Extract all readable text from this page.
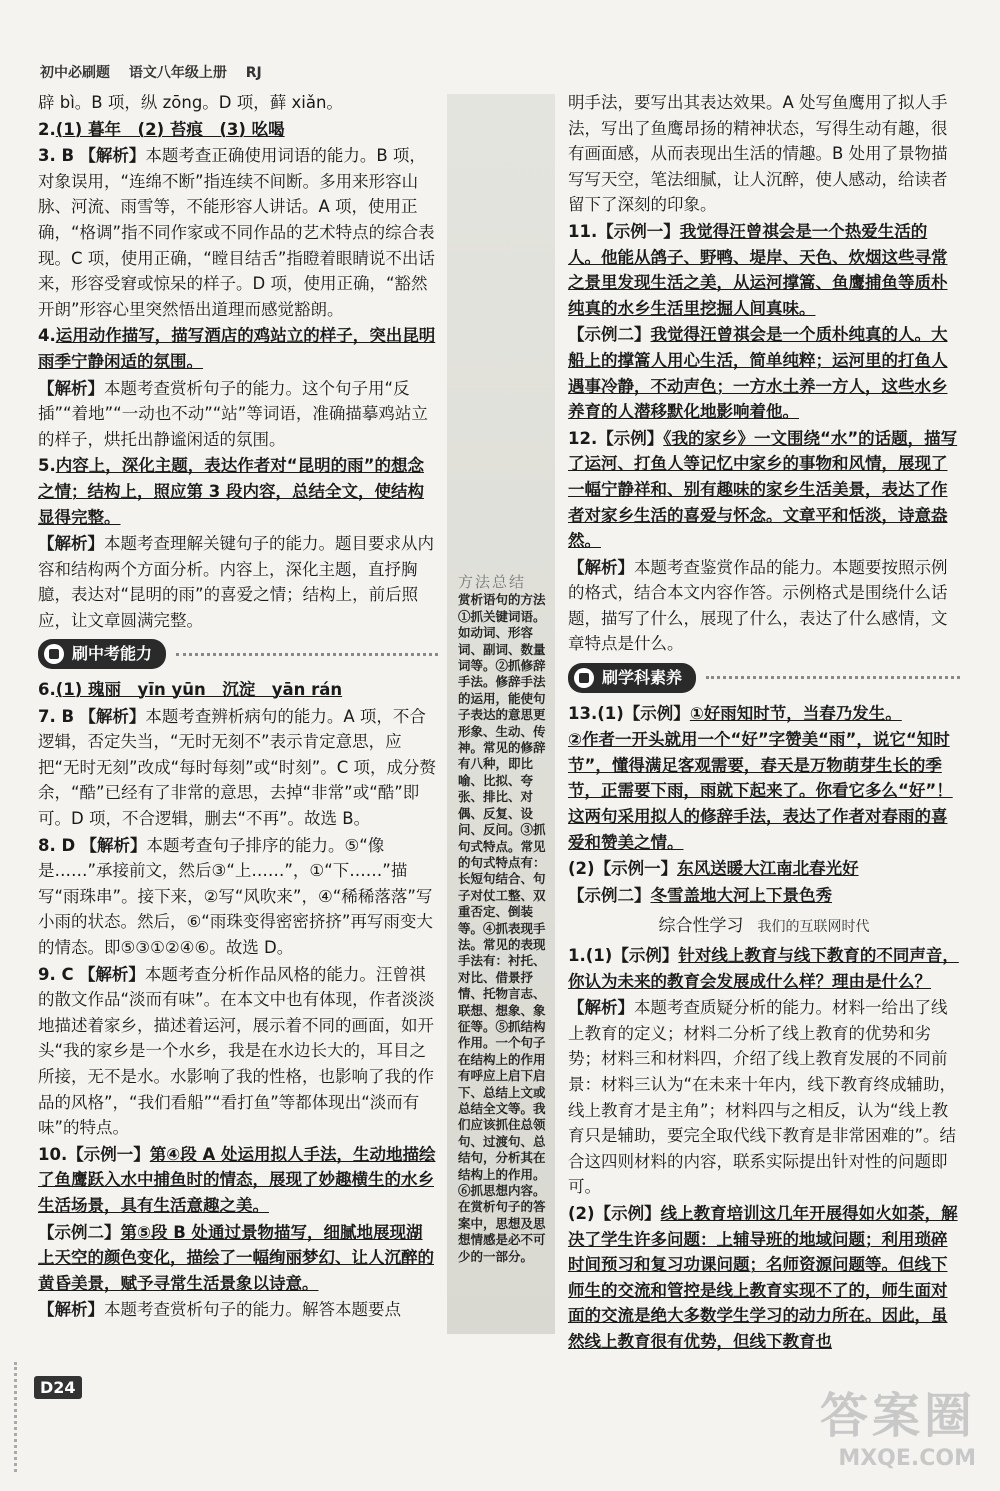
初中必刷题 语文八年级上册 RJ

辟 bì。B 项，纵 zōng。D 项，藓 xiǎn。

2.(1) 暮年　(2) 苔痕　(3) 吆喝

3. B 【解析】本题考查正确使用词语的能力。B 项，对象误用，“连绵不断”指连续不间断。多用来形容山脉、河流、雨雪等，不能形容人讲话。A 项，使用正确，“格调”指不同作家或不同作品的艺术特点的综合表现。C 项，使用正确，“瞠目结舌”指瞪着眼睛说不出话来，形容受窘或惊呆的样子。D 项，使用正确，“豁然开朗”形容心里突然悟出道理而感觉豁朗。

4.运用动作描写，描写酒店的鸡站立的样子，突出昆明雨季宁静闲适的氛围。

【解析】本题考查赏析句子的能力。这个句子用“反插”“着地”“一动也不动”“站”等词语，准确描摹鸡站立的样子，烘托出静谧闲适的氛围。

5.内容上，深化主题，表达作者对“昆明的雨”的想念之情；结构上，照应第 3 段内容，总结全文，使结构显得完整。

【解析】本题考查理解关键句子的能力。题目要求从内容和结构两个方面分析。内容上，深化主题，直抒胸臆，表达对“昆明的雨”的喜爱之情；结构上，前后照应，让文章圆满完整。

刷中考能力

6.(1) 瑰丽　yīn yūn　沉淀　yān rán

7. B 【解析】本题考查辨析病句的能力。A 项，不合逻辑，否定失当，“无时无刻不”表示肯定意思，应把“无时无刻”改成“每时每刻”或“时刻”。C 项，成分赘余，“酷”已经有了非常的意思，去掉“非常”或“酷”即可。D 项，不合逻辑，删去“不再”。故选 B。

8. D 【解析】本题考查句子排序的能力。⑤“像是……”承接前文，然后③“上……”，①“下……”描写“雨珠串”。接下来，②写“风吹来”，④“稀稀落落”写小雨的状态。然后，⑥“雨珠变得密密挤挤”再写雨变大的情态。即⑤③①②④⑥。故选 D。

9. C 【解析】本题考查分析作品风格的能力。汪曾祺的散文作品“淡而有味”。在本文中也有体现，作者淡淡地描述着家乡，描述着运河，展示着不同的画面，如开头“我的家乡是一个水乡，我是在水边长大的，耳目之所接，无不是水。水影响了我的性格，也影响了我的作品的风格”，“我们看船”“看打鱼”等都体现出“淡而有味”的特点。

10.【示例一】第④段 A 处运用拟人手法，生动地描绘了鱼鹰跃入水中捕鱼时的情态，展现了妙趣横生的水乡生活场景，具有生活意趣之美。

【示例二】第⑤段 B 处通过景物描写，细腻地展现湖上天空的颜色变化，描绘了一幅绚丽梦幻、让人沉醉的黄昏美景，赋予寻常生活景象以诗意。

【解析】本题考查赏析句子的能力。解答本题要点

方法总结
赏析语句的方法
①抓关键词语。如动词、形容词、副词、数量词等。②抓修辞手法。修辞手法的运用，能使句子表达的意思更形象、生动、传神。常见的修辞有八种，即比喻、比拟、夸张、排比、对偶、反复、设问、反问。③抓句式特点。常见的句式特点有：长短句结合、句子对仗工整、双重否定、倒装等。④抓表现手法。常见的表现手法有：衬托、对比、借景抒情、托物言志、联想、想象、象征等。⑤抓结构作用。一个句子在结构上的作用有呼应上启下启下、总结上文或总结全文等。我们应该抓住总领句、过渡句、总结句，分析其在结构上的作用。⑥抓思想内容。在赏析句子的答案中，思想及思想情感是必不可少的一部分。

明手法，要写出其表达效果。A 处写鱼鹰用了拟人手法，写出了鱼鹰昂扬的精神状态，写得生动有趣，很有画面感，从而表现出生活的情趣。B 处用了景物描写写天空，笔法细腻，让人沉醉，使人感动，给读者留下了深刻的印象。

11.【示例一】我觉得汪曾祺会是一个热爱生活的人。他能从鸽子、野鸭、堤岸、天色、炊烟这些寻常之景里发现生活之美，从运河撑篙、鱼鹰捕鱼等质朴纯真的水乡生活里挖掘人间真味。

【示例二】我觉得汪曾祺会是一个质朴纯真的人。大船上的撑篙人用心生活，简单纯粹；运河里的打鱼人遇事冷静，不动声色；一方水土养一方人，这些水乡养育的人潜移默化地影响着他。

12.【示例】《我的家乡》一文围绕“水”的话题，描写了运河、打鱼人等记忆中家乡的事物和风情，展现了一幅宁静祥和、别有趣味的家乡生活美景，表达了作者对家乡生活的喜爱与怀念。文章平和恬淡，诗意盎然。

【解析】本题考查鉴赏作品的能力。本题要按照示例的格式，结合本文内容作答。示例格式是围绕什么话题，描写了什么，展现了什么，表达了什么感情，文章特点是什么。

刷学科素养

13.(1)【示例】①好雨知时节，当春乃发生。

②作者一开头就用一个“好”字赞美“雨”，说它“知时节”，懂得满足客观需要，春天是万物萌芽生长的季节，正需要下雨，雨就下起来了。你看它多么“好”！这两句采用拟人的修辞手法，表达了作者对春雨的喜爱和赞美之情。

(2)【示例一】东风送暖大江南北春光好

【示例二】冬雪盖地大河上下景色秀

综合性学习 我们的互联网时代

1.(1)【示例】针对线上教育与线下教育的不同声音，你认为未来的教育会发展成什么样？理由是什么？

【解析】本题考查质疑分析的能力。材料一给出了线上教育的定义；材料二分析了线上教育的优势和劣势；材料三和材料四，介绍了线上教育发展的不同前景：材料三认为“在未来十年内，线下教育终成辅助，线上教育才是主角”；材料四与之相反，认为“线上教育只是辅助，要完全取代线下教育是非常困难的”。结合这四则材料的内容，联系实际提出针对性的问题即可。

(2)【示例】线上教育培训这几年开展得如火如荼，解决了学生许多问题：上辅导班的地域问题；利用琐碎时间预习和复习功课问题；名师资源问题等。但线下师生的交流和管控是线上教育实现不了的，师生面对面的交流是绝大多数学生学习的动力所在。因此，虽然线上教育很有优势，但线下教育也

D24
答案圈
MXQE.COM
